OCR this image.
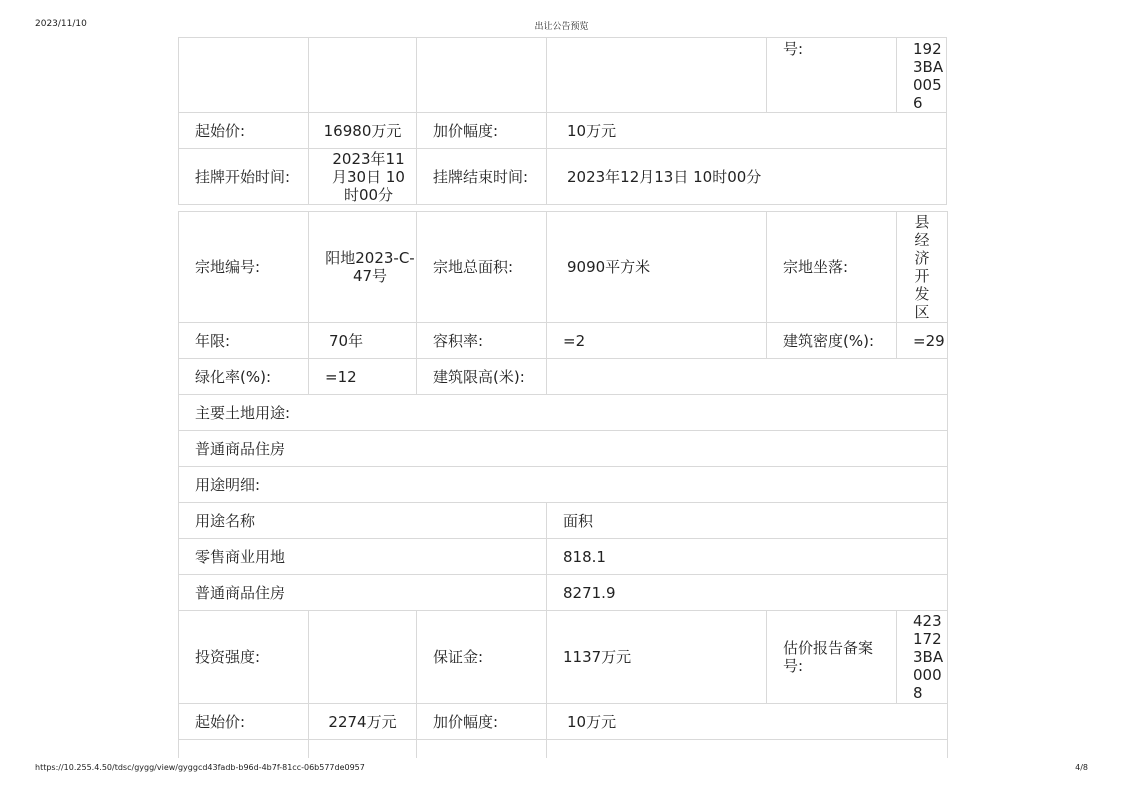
2023/11/10	出让公告预览
				号:	1923BA0056
起始价:	16980万元	加价幅度:	10万元		
挂牌开始时间:	2023年11月30日 10时00分	挂牌结束时间:	2023年12月13日 10时00分		
宗地编号:	阳地2023-C-47号	宗地总面积:	9090平方米	宗地坐落:	县经济开发区
年限:	70年	容积率:	=2	建筑密度(%):	=29
绿化率(%):	=12	建筑限高(米):			
主要土地用途:					
普通商品住房					
用途明细:					
用途名称			面积		
零售商业用地			818.1		
普通商品住房			8271.9		
投资强度:		保证金:	1137万元	估价报告备案号:	4231723BA0008
起始价:	2274万元	加价幅度:	10万元		

https://10.255.4.50/tdsc/gygg/view/gyggcd43fadb-b96d-4b7f-81cc-06b577de0957	4/8
